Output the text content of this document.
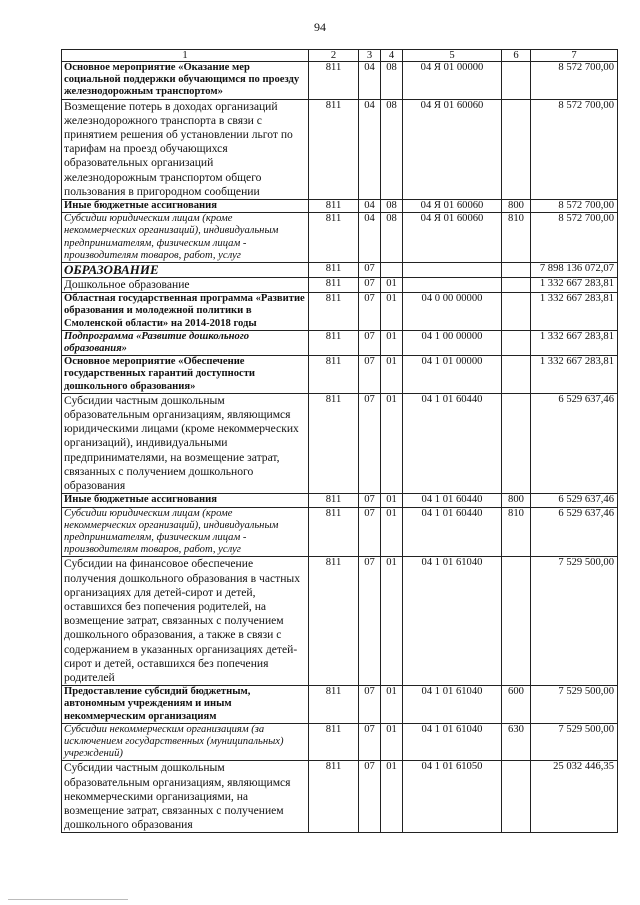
94
1	2	3	4	5	6	7
Основное мероприятие «Оказание мер социальной поддержки обучающимся по проезду железнодорожным транспортом»	811	04	08	04 Я 01 00000		8 572 700,00
Возмещение потерь в доходах организаций железнодорожного транспорта в связи с принятием решения об установлении льгот по тарифам на проезд обучающихся образовательных организаций железнодорожным транспортом общего пользования в пригородном сообщении	811	04	08	04 Я 01 60060		8 572 700,00
Иные бюджетные ассигнования	811	04	08	04 Я 01 60060	800	8 572 700,00
Субсидии юридическим лицам (кроме некоммерческих организаций), индивидуальным предпринимателям, физическим лицам - производителям товаров, работ, услуг	811	04	08	04 Я 01 60060	810	8 572 700,00
ОБРАЗОВАНИЕ	811	07				7 898 136 072,07
Дошкольное образование	811	07	01			1 332 667 283,81
Областная государственная программа «Развитие образования и молодежной политики в Смоленской области» на 2014-2018 годы	811	07	01	04 0 00 00000		1 332 667 283,81
Подпрограмма «Развитие дошкольного образования»	811	07	01	04 1 00 00000		1 332 667 283,81
Основное мероприятие «Обеспечение государственных гарантий доступности дошкольного образования»	811	07	01	04 1 01 00000		1 332 667 283,81
Субсидии частным дошкольным образовательным организациям, являющимся юридическими лицами (кроме некоммерческих организаций), индивидуальными предпринимателями, на возмещение затрат, связанных с получением дошкольного образования	811	07	01	04 1 01 60440		6 529 637,46
Иные бюджетные ассигнования	811	07	01	04 1 01 60440	800	6 529 637,46
Субсидии юридическим лицам (кроме некоммерческих организаций), индивидуальным предпринимателям, физическим лицам - производителям товаров, работ, услуг	811	07	01	04 1 01 60440	810	6 529 637,46
Субсидии на финансовое обеспечение получения дошкольного образования в частных организациях для детей-сирот и детей, оставшихся без попечения родителей, на возмещение затрат, связанных с получением дошкольного образования, а также в связи с содержанием в указанных организациях детей-сирот и детей, оставшихся без попечения родителей	811	07	01	04 1 01 61040		7 529 500,00
Предоставление субсидий бюджетным, автономным учреждениям и иным некоммерческим организациям	811	07	01	04 1 01 61040	600	7 529 500,00
Субсидии некоммерческим организациям (за исключением государственных (муниципальных) учреждений)	811	07	01	04 1 01 61040	630	7 529 500,00
Субсидии частным дошкольным образовательным организациям, являющимся некоммерческими организациями, на возмещение затрат, связанных с получением дошкольного образования	811	07	01	04 1 01 61050		25 032 446,35
